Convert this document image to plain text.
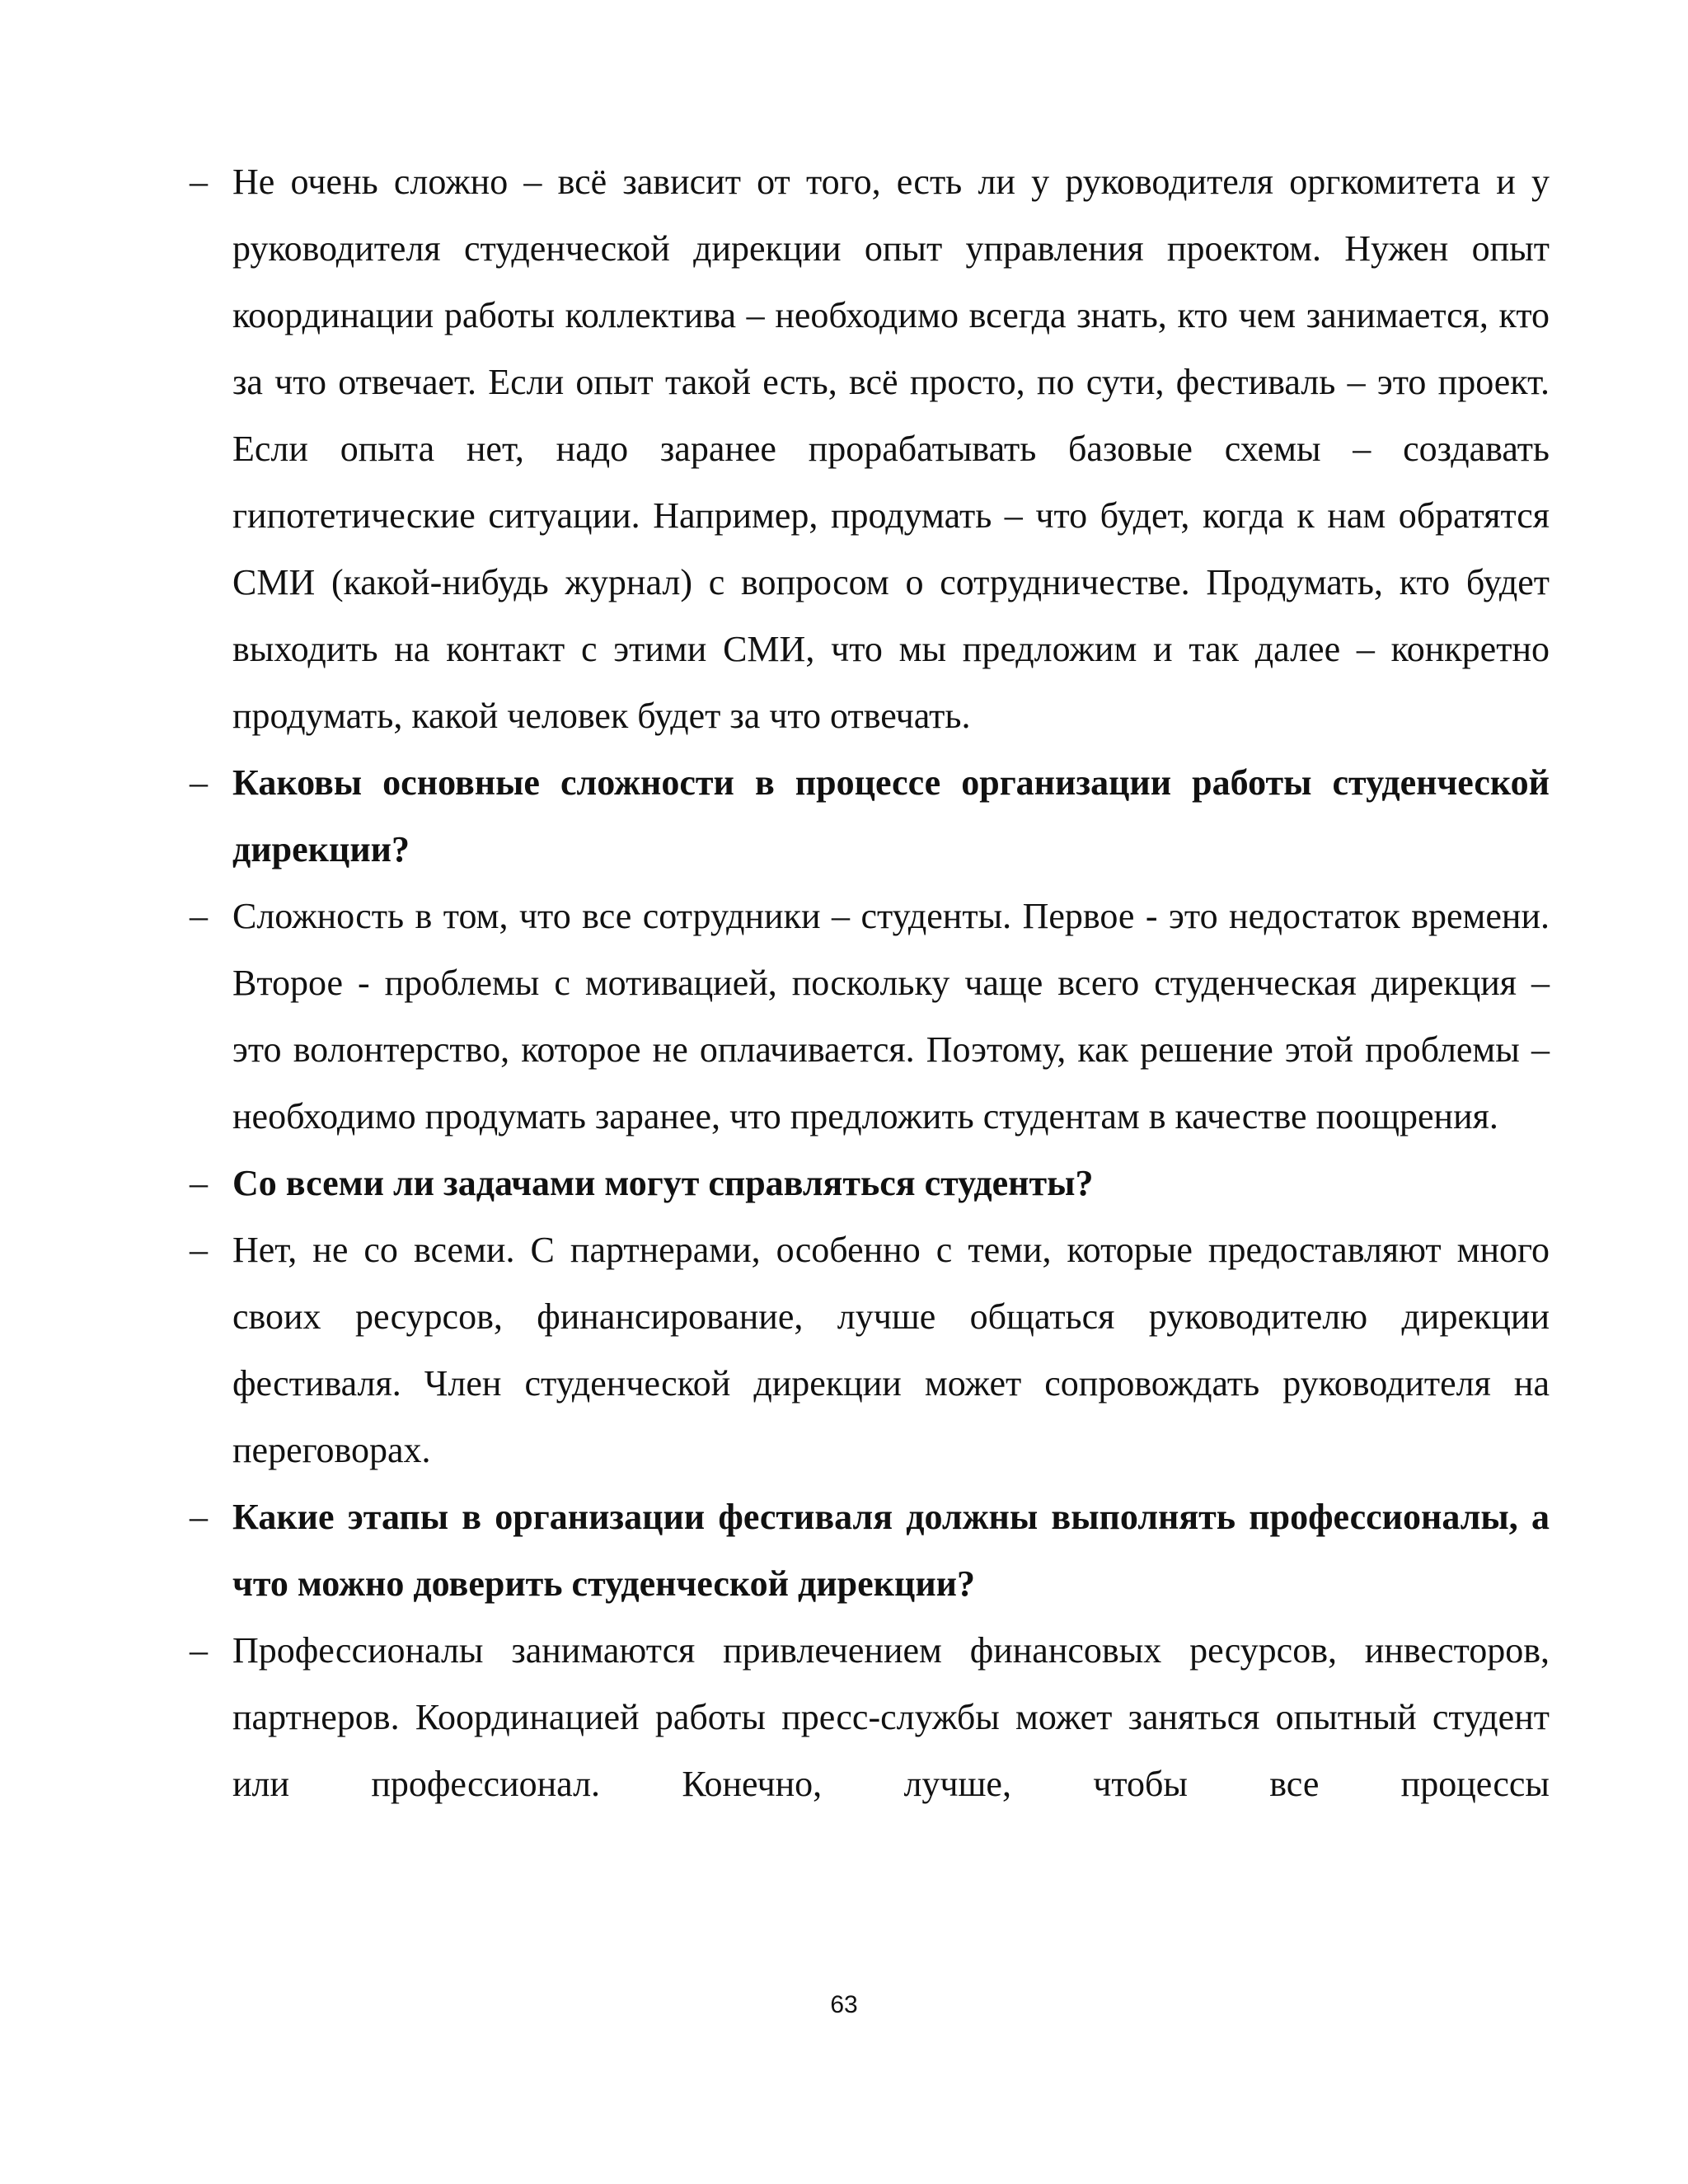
– Не очень сложно – всё зависит от того, есть ли у руководителя оргкомитета и у руководителя студенческой дирекции опыт управления проектом. Нужен опыт координации работы коллектива – необходимо всегда знать, кто чем занимается, кто за что отвечает. Если опыт такой есть, всё просто, по сути, фестиваль – это проект. Если опыта нет, надо заранее прорабатывать базовые схемы – создавать гипотетические ситуации. Например, продумать – что будет, когда к нам обратятся СМИ (какой-нибудь журнал) с вопросом о сотрудничестве. Продумать, кто будет выходить на контакт с этими СМИ, что мы предложим и так далее – конкретно продумать, какой человек будет за что отвечать.
– Каковы основные сложности в процессе организации работы студенческой дирекции?
– Сложность в том, что все сотрудники – студенты. Первое - это недостаток времени. Второе - проблемы с мотивацией, поскольку чаще всего студенческая дирекция – это волонтерство, которое не оплачивается. Поэтому, как решение этой проблемы – необходимо продумать заранее, что предложить студентам в качестве поощрения.
– Со всеми ли задачами могут справляться студенты?
– Нет, не со всеми. С партнерами, особенно с теми, которые предоставляют много своих ресурсов, финансирование, лучше общаться руководителю дирекции фестиваля. Член студенческой дирекции может сопровождать руководителя на переговорах.
– Какие этапы в организации фестиваля должны выполнять профессионалы, а что можно доверить студенческой дирекции?
– Профессионалы занимаются привлечением финансовых ресурсов, инвесторов, партнеров. Координацией работы пресс-службы может заняться опытный студент или профессионал. Конечно, лучше, чтобы все процессы
63
